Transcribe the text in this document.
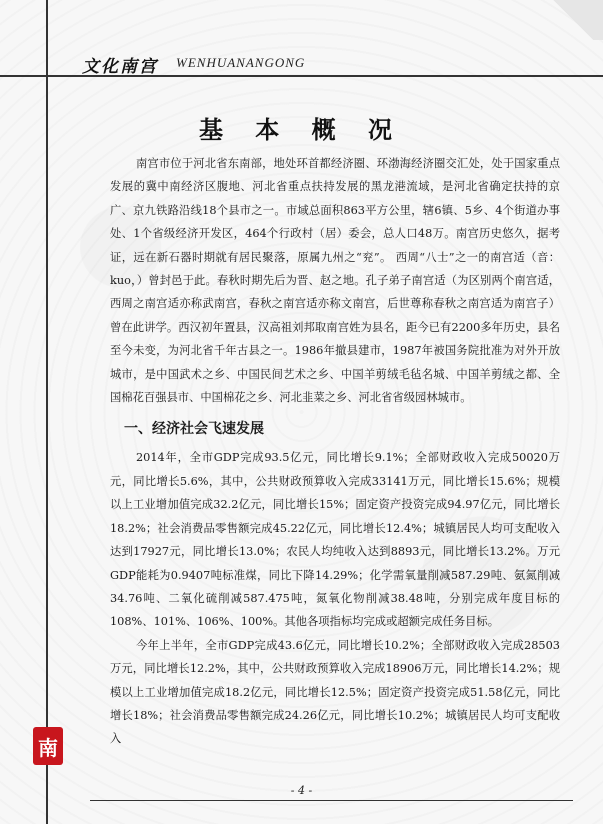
文化南宫 WENHUANANGONG
基 本 概 况

南宫市位于河北省东南部，地处环首都经济圈、环渤海经济圈交汇处，处于国家重点发展的冀中南经济区腹地、河北省重点扶持发展的黑龙港流域，是河北省确定扶持的京广、京九铁路沿线18个县市之一。市域总面积863平方公里，辖6镇、5乡、4个街道办事处、1个省级经济开发区，464个行政村（居）委会，总人口48万。南宫历史悠久，据考证，远在新石器时期就有居民聚落，原属九州之“兖”。 西周“八士”之一的南宫适（音：kuo，）曾封邑于此。春秋时期先后为晋、赵之地。孔子弟子南宫适（为区别两个南宫适，西周之南宫适亦称武南宫，春秋之南宫适亦称文南宫，后世尊称春秋之南宫适为南宫子）曾在此讲学。西汉初年置县，汉高祖刘邦取南宫姓为县名，距今已有2200多年历史，县名至今未变，为河北省千年古县之一。1986年撤县建市，1987年被国务院批准为对外开放城市，是中国武术之乡、中国民间艺术之乡、中国羊剪绒毛毡名城、中国羊剪绒之都、全国棉花百强县市、中国棉花之乡、河北韭菜之乡、河北省省级园林城市。

一、经济社会飞速发展

2014年，全市GDP完成93.5亿元，同比增长9.1%；全部财政收入完成50020万元，同比增长5.6%，其中，公共财政预算收入完成33141万元，同比增长15.6%；规模以上工业增加值完成32.2亿元，同比增长15%；固定资产投资完成94.97亿元，同比增长18.2%；社会消费品零售额完成45.22亿元，同比增长12.4%；城镇居民人均可支配收入达到17927元，同比增长13.0%；农民人均纯收入达到8893元，同比增长13.2%。万元GDP能耗为0.9407吨标准煤，同比下降14.29%；化学需氧量削减587.29吨、氨氮削减34.76吨、二氧化硫削减587.475吨，氮氧化物削减38.48吨，分别完成年度目标的108%、101%、106%、100%。其他各项指标均完成或超额完成任务目标。

今年上半年，全市GDP完成43.6亿元，同比增长10.2%；全部财政收入完成28503万元，同比增长12.2%，其中，公共财政预算收入完成18906万元，同比增长14.2%；规模以上工业增加值完成18.2亿元，同比增长12.5%；固定资产投资完成51.58亿元，同比增长18%；社会消费品零售额完成24.26亿元，同比增长10.2%；城镇居民人均可支配收入

南
- 4 -
